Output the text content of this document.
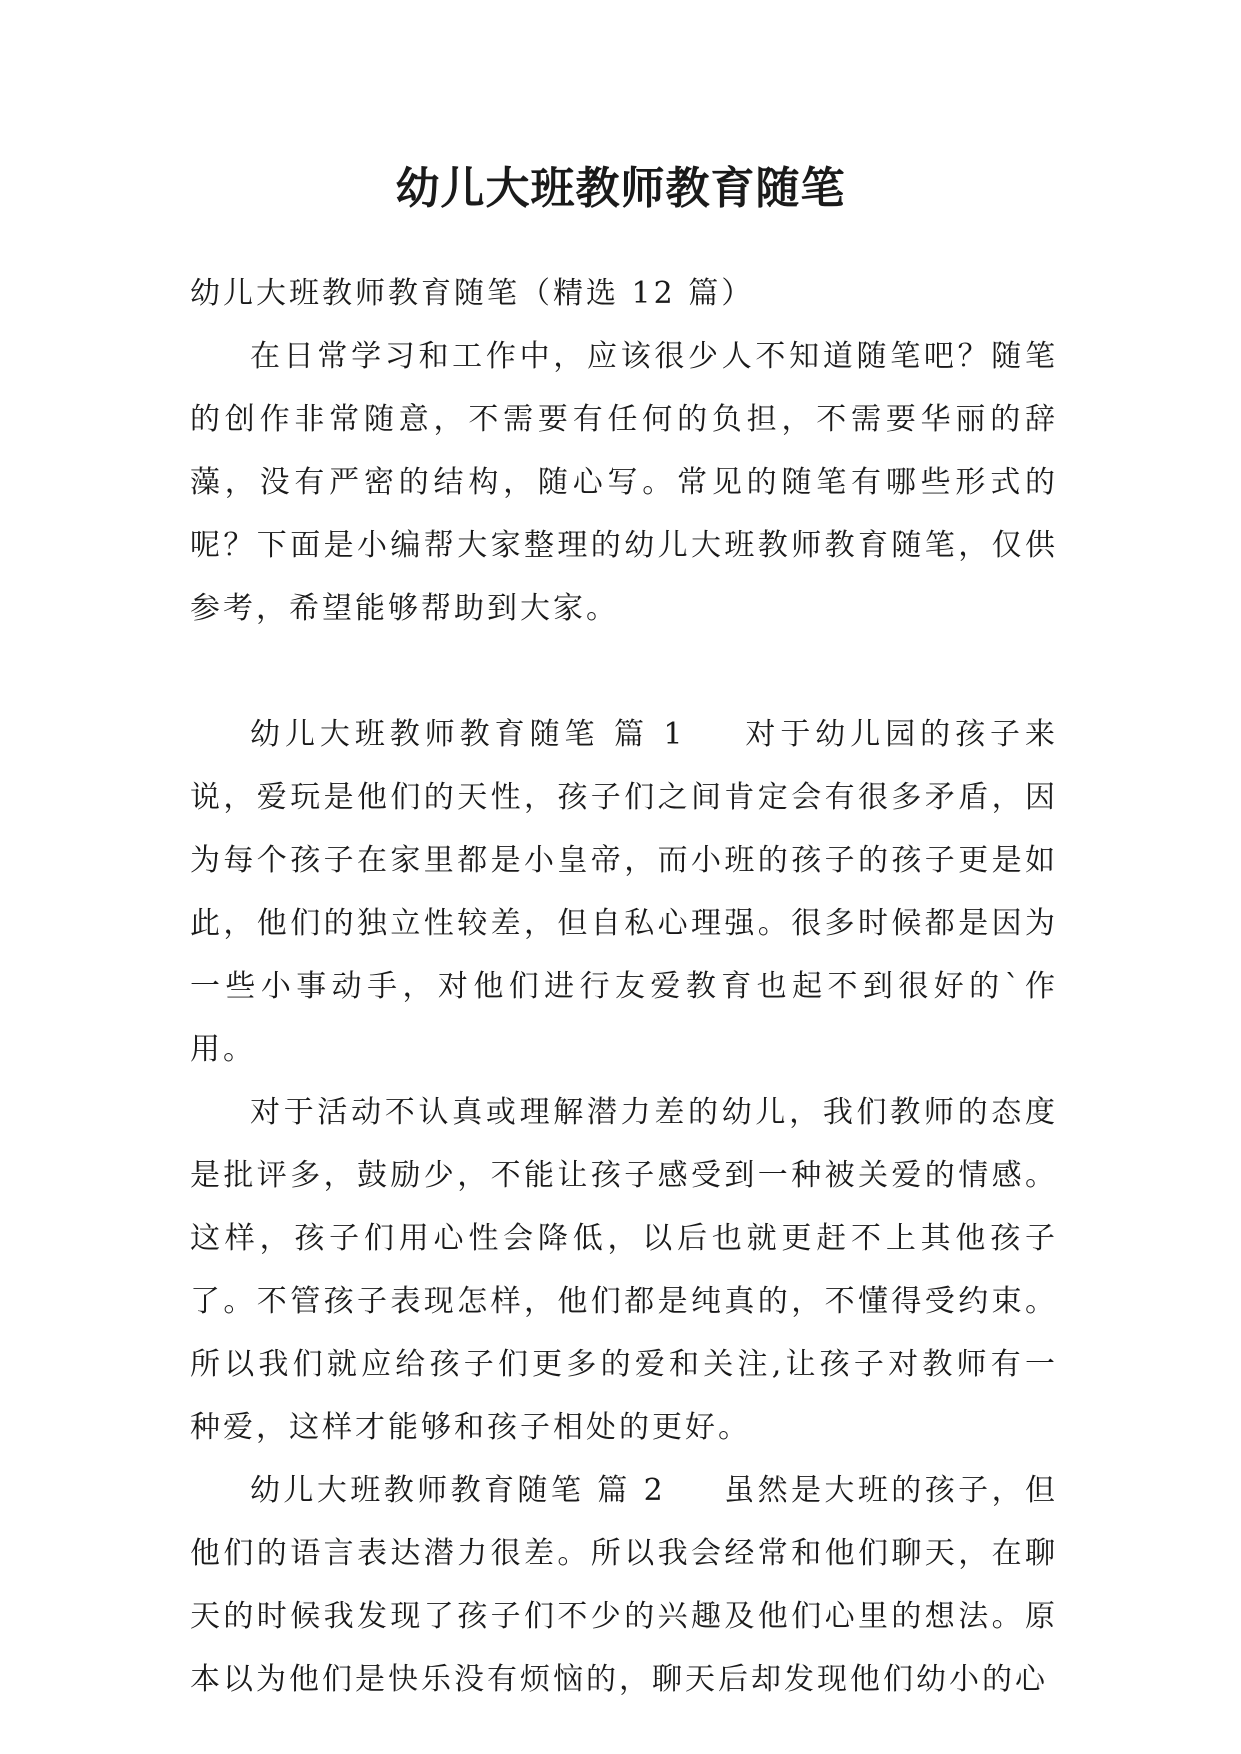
幼儿大班教师教育随笔

幼儿大班教师教育随笔（精选 12 篇）

在日常学习和工作中，应该很少人不知道随笔吧？随笔的创作非常随意，不需要有任何的负担，不需要华丽的辞藻，没有严密的结构，随心写。常见的随笔有哪些形式的呢？下面是小编帮大家整理的幼儿大班教师教育随笔，仅供参考，希望能够帮助到大家。

幼儿大班教师教育随笔 篇 1 对于幼儿园的孩子来说，爱玩是他们的天性，孩子们之间肯定会有很多矛盾，因为每个孩子在家里都是小皇帝，而小班的孩子的孩子更是如此，他们的独立性较差，但自私心理强。很多时候都是因为一些小事动手，对他们进行友爱教育也起不到很好的`作用。

对于活动不认真或理解潜力差的幼儿，我们教师的态度是批评多，鼓励少，不能让孩子感受到一种被关爱的情感。这样，孩子们用心性会降低，以后也就更赶不上其他孩子了。不管孩子表现怎样，他们都是纯真的，不懂得受约束。所以我们就应给孩子们更多的爱和关注,让孩子对教师有一种爱，这样才能够和孩子相处的更好。

幼儿大班教师教育随笔 篇 2 虽然是大班的孩子，但他们的语言表达潜力很差。所以我会经常和他们聊天，在聊天的时候我发现了孩子们不少的兴趣及他们心里的想法。原本以为他们是快乐没有烦恼的，聊天后却发现他们幼小的心
